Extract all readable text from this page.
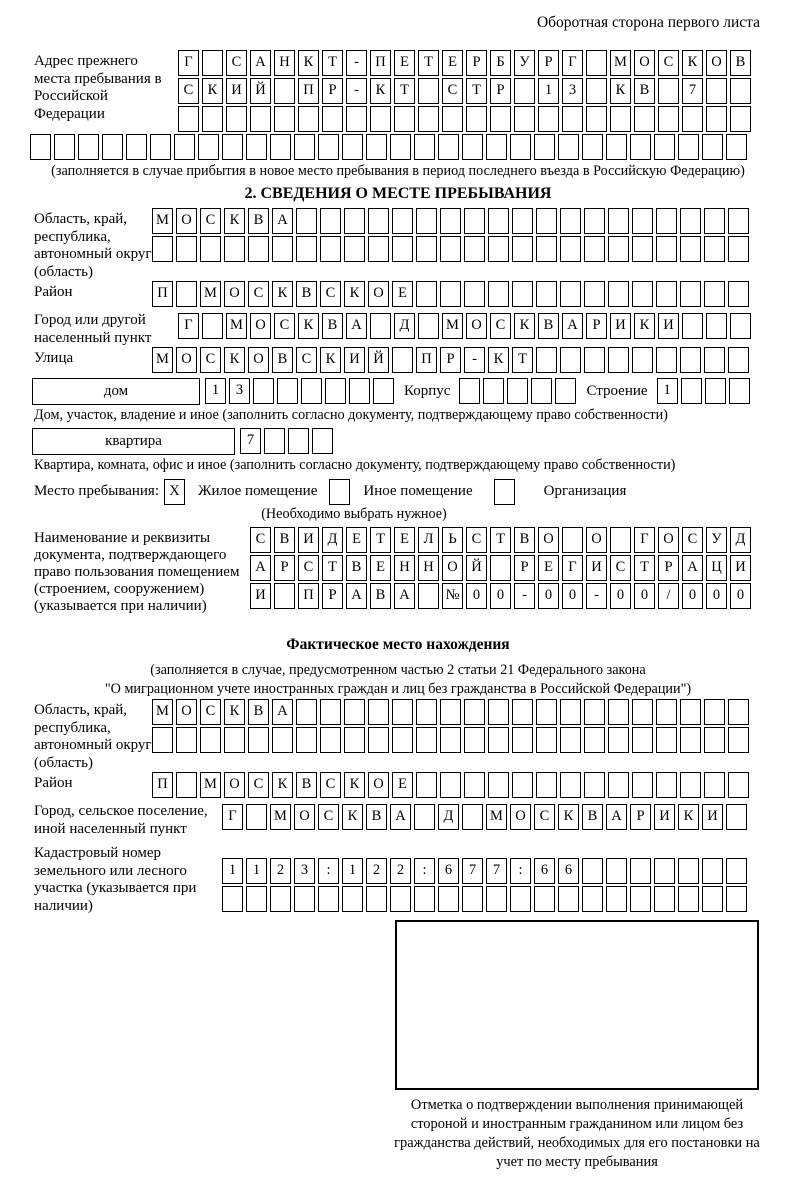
Оборотная сторона первого листа
Адрес прежнего места пребывания в Российской Федерации
Г	С А Н К Т - П Е Т Е Р Б У Р Г	М О С К О В
С К И Й	П Р - К Т	С Т Р	1 3	К В	7
(заполняется в случае прибытия в новое место пребывания в период последнего въезда в Российскую Федерацию)
2. СВЕДЕНИЯ О МЕСТЕ ПРЕБЫВАНИЯ
Область, край, республика, автономный округ (область)
М О С К В А
Район	П	М О С К В С К О Е
Город или другой населенный пункт
Г	М О С К В А	Д	М О С К В А Р И К И
Улица	М О С К О В С К И Й	П Р - К Т
дом	1 3	Корпус	Строение	1
Дом, участок, владение и иное (заполнить согласно документу, подтверждающему право собственности)
квартира	7
Квартира, комната, офис и иное (заполнить согласно документу, подтверждающему право собственности)
Место пребывания: X	Жилое помещение	Иное помещение	Организация
(Необходимо выбрать нужное)
Наименование и реквизиты документа, подтверждающего право пользования помещением (строением, сооружением) (указывается при наличии)
С В И Д Е Т Е Л Ь С Т В О	О	Г О С У Д
А Р С Т В Е Н Н О Й	Р Е Г И С Т Р А Ц И
И	П Р А В А № 0 0 - 0 0 - 0 0 / 0 0 0
Фактическое место нахождения
(заполняется в случае, предусмотренном частью 2 статьи 21 Федерального закона
"О миграционном учете иностранных граждан и лиц без гражданства в Российской Федерации")
Область, край, республика, автономный округ (область)
М О С К В А
Район	П	М О С К В С К О Е
Город, сельское поселение, иной населенный пункт
Г	М О С К В А	Д	М О С К В А Р И К И
Кадастровый номер земельного или лесного участка (указывается при наличии)
1 1 2 3 : 1 2 2 : 6 7 7 : 6 6
Отметка о подтверждении выполнения принимающей стороной и иностранным гражданином или лицом без гражданства действий, необходимых для его постановки на учет по месту пребывания
